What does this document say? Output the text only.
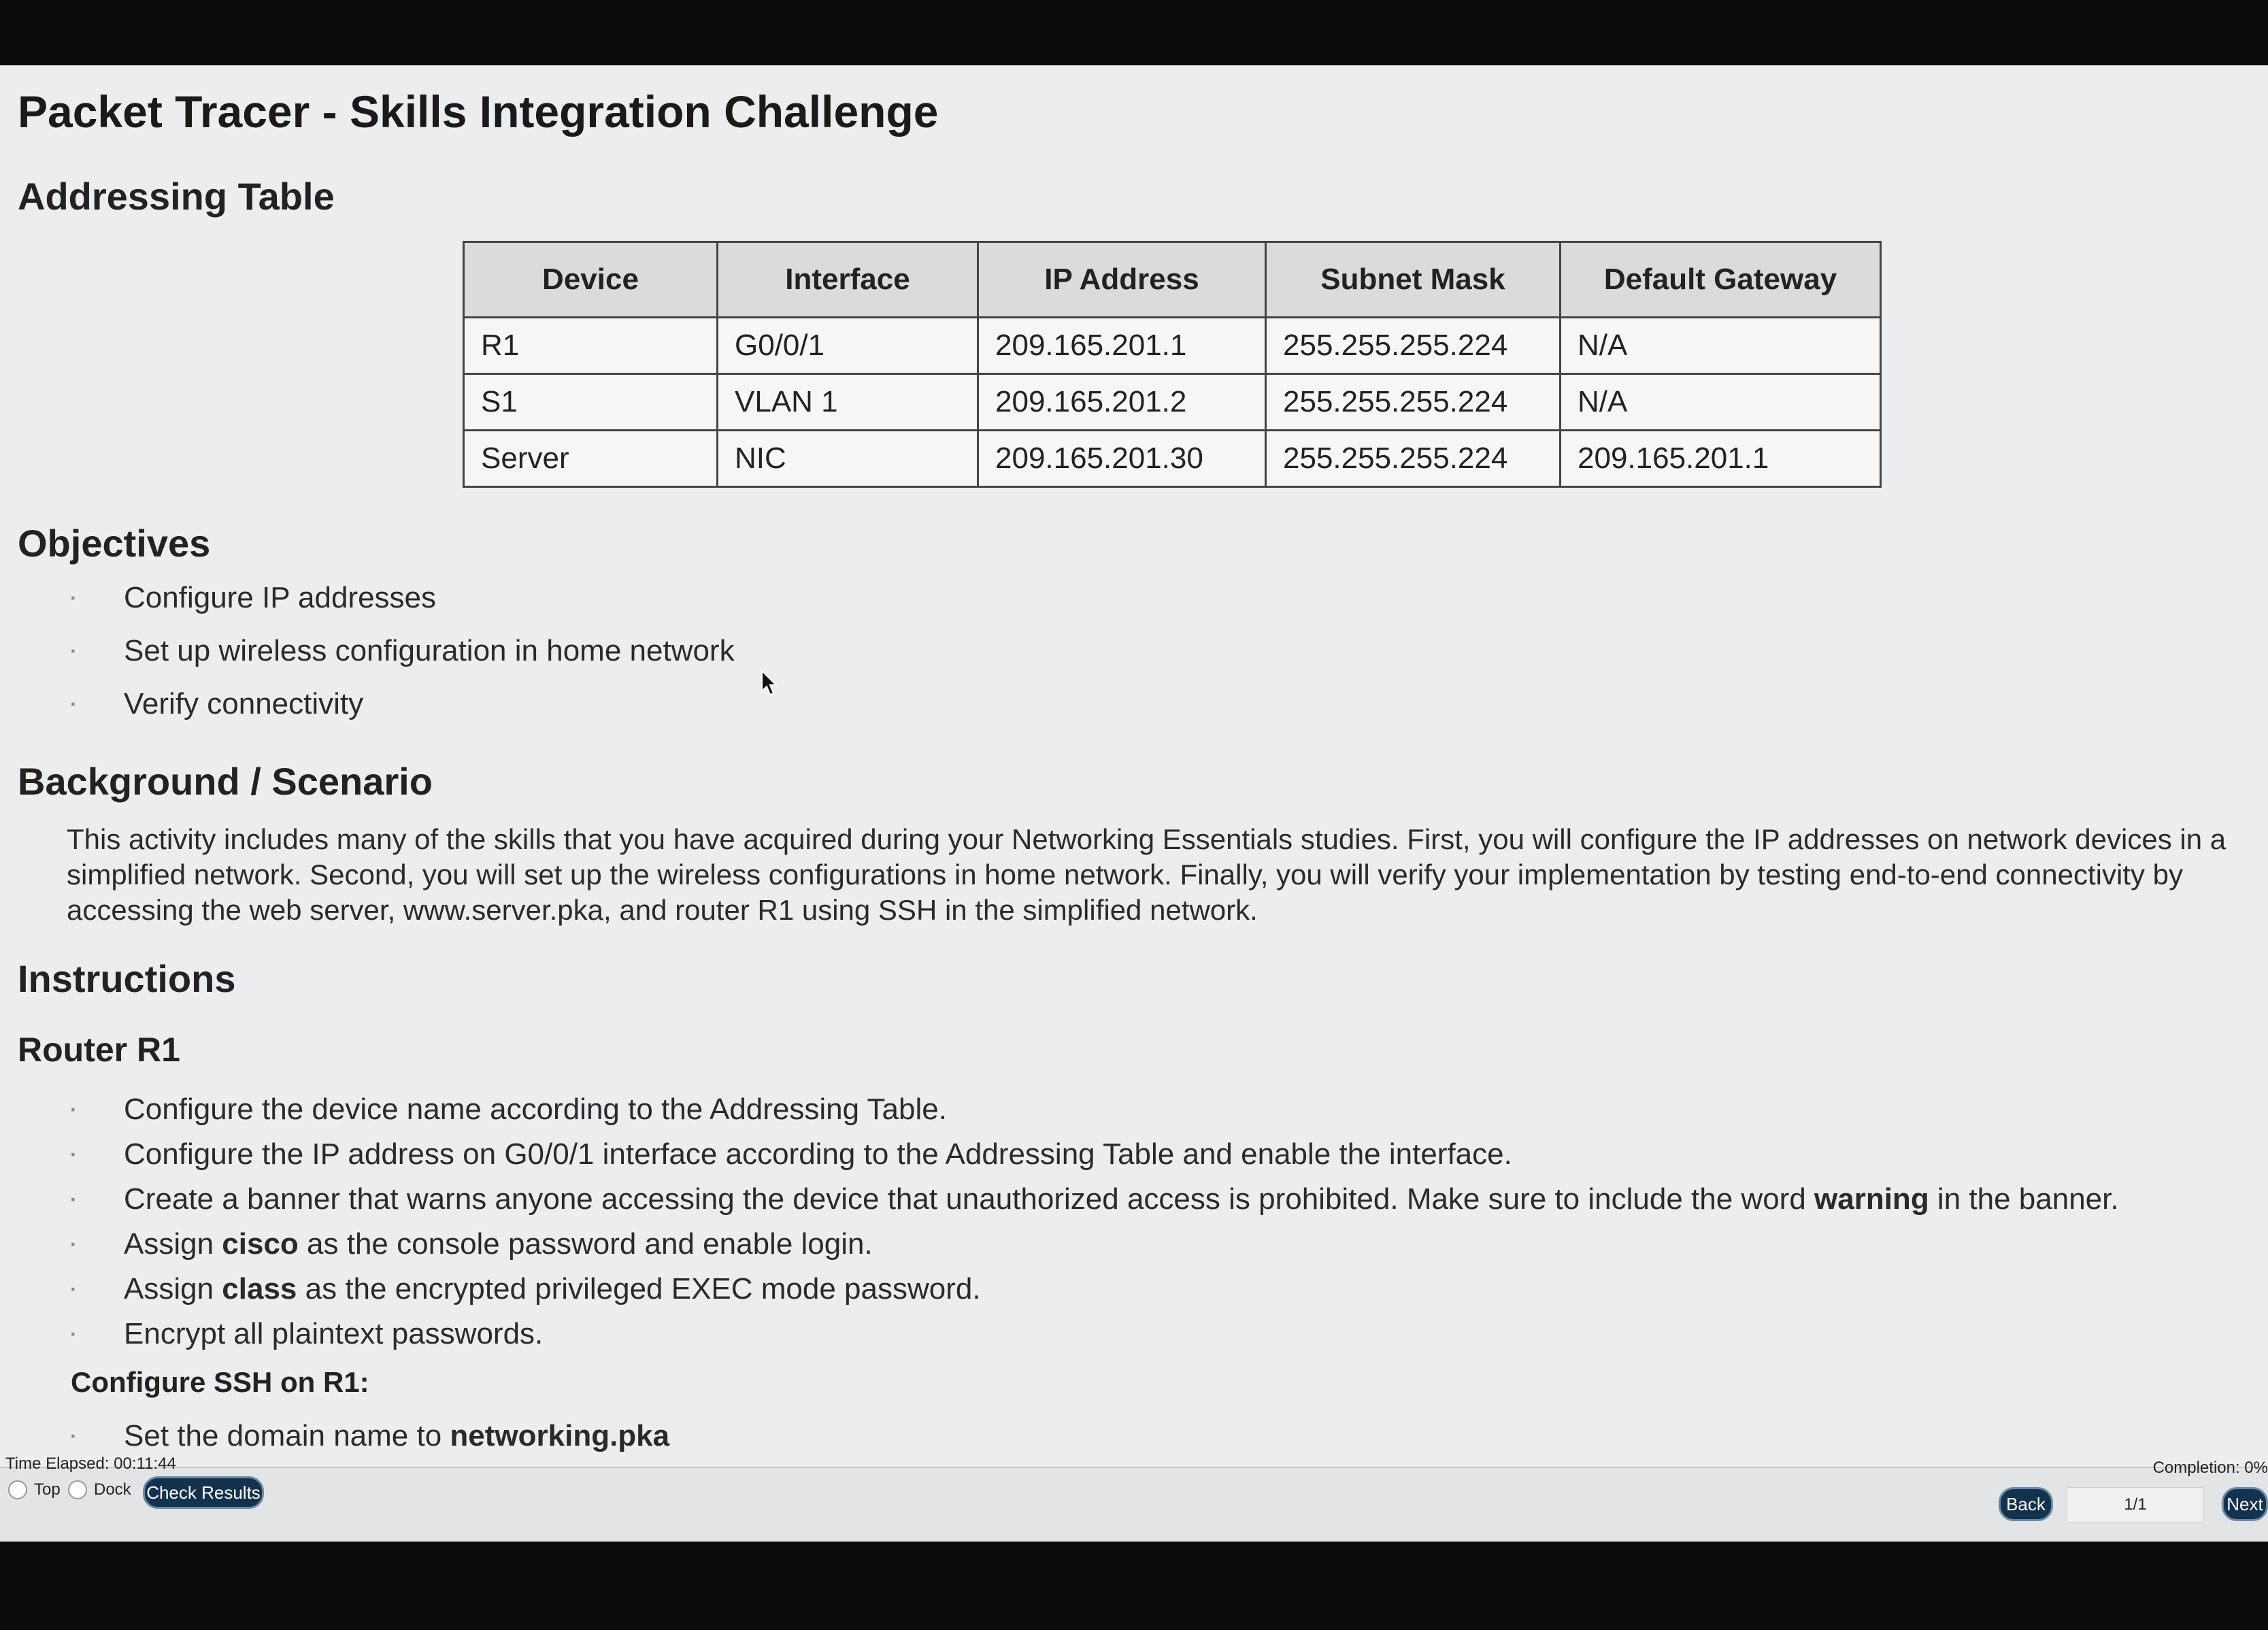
Packet Tracer - Skills Integration Challenge
Addressing Table
Device	Interface	IP Address	Subnet Mask	Default Gateway
R1	G0/0/1	209.165.201.1	255.255.255.224	N/A
S1	VLAN 1	209.165.201.2	255.255.255.224	N/A
Server	NIC	209.165.201.30	255.255.255.224	209.165.201.1
Objectives
· Configure IP addresses
· Set up wireless configuration in home network
· Verify connectivity
Background / Scenario

This activity includes many of the skills that you have acquired during your Networking Essentials studies. First, you will configure the IP addresses on network devices in a simplified network. Second, you will set up the wireless configurations in home network. Finally, you will verify your implementation by testing end-to-end connectivity by accessing the web server, www.server.pka, and router R1 using SSH in the simplified network.

Instructions
Router R1
· Configure the device name according to the Addressing Table.
· Configure the IP address on G0/0/1 interface according to the Addressing Table and enable the interface.
· Create a banner that warns anyone accessing the device that unauthorized access is prohibited. Make sure to include the word warning in the banner.
· Assign cisco as the console password and enable login.
· Assign class as the encrypted privileged EXEC mode password.
· Encrypt all plaintext passwords.
Configure SSH on R1:
· Set the domain name to networking.pka
Time Elapsed: 00:11:44
Top Dock Check Results
Completion: 0%
Back	1/1	Next
